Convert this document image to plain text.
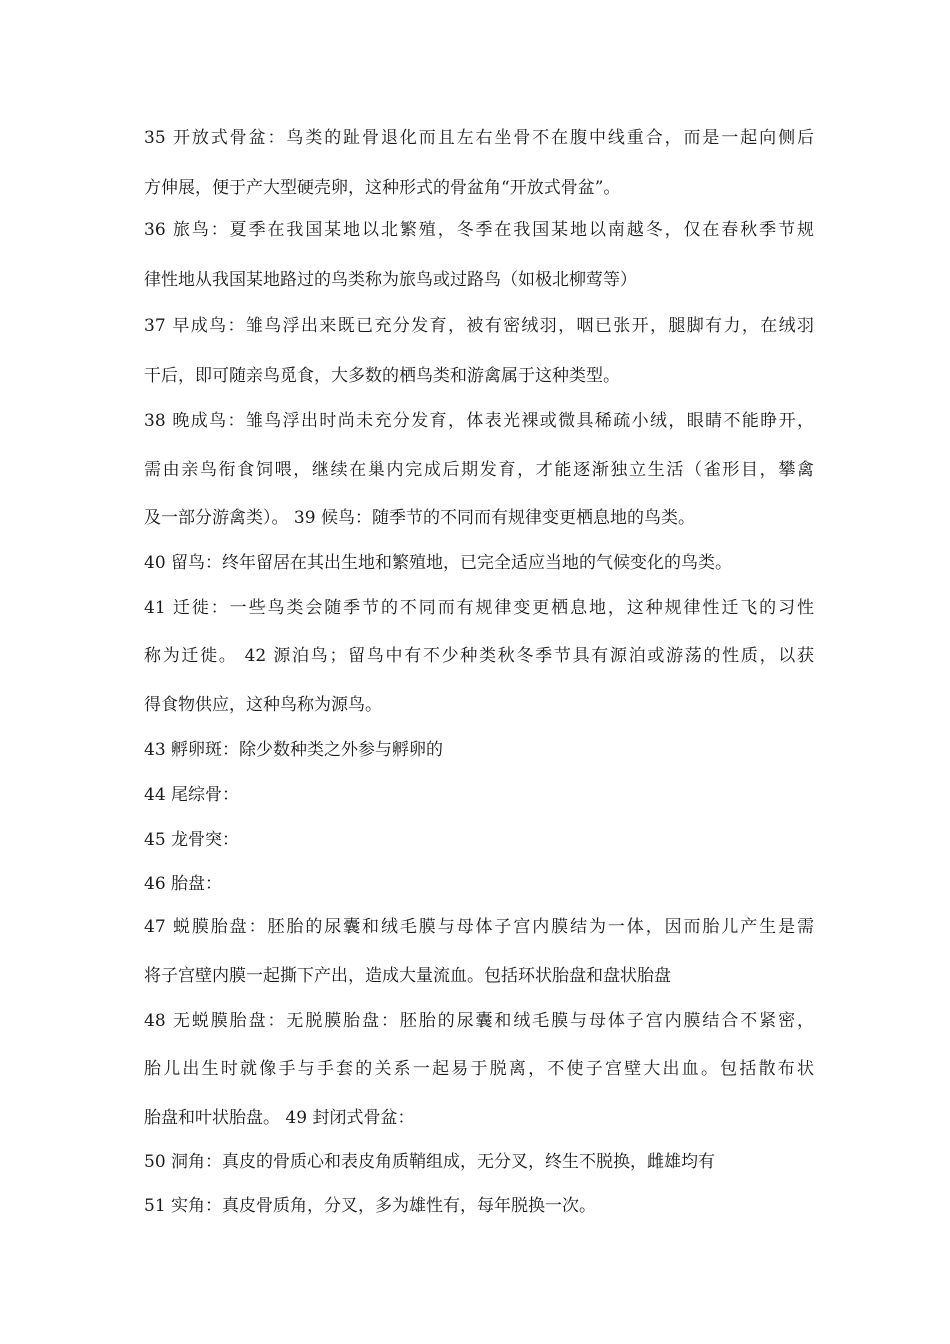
35 开放式骨盆：鸟类的趾骨退化而且左右坐骨不在腹中线重合，而是一起向侧后
方伸展，便于产大型硬壳卵，这种形式的骨盆角“开放式骨盆”。
36 旅鸟：夏季在我国某地以北繁殖，冬季在我国某地以南越冬，仅在春秋季节规
律性地从我国某地路过的鸟类称为旅鸟或过路鸟（如极北柳莺等）
37 早成鸟：雏鸟浮出来既已充分发育，被有密绒羽，咽已张开，腿脚有力，在绒羽
干后，即可随亲鸟觅食，大多数的栖鸟类和游禽属于这种类型。
38 晚成鸟：雏鸟浮出时尚未充分发育，体表光裸或微具稀疏小绒，眼睛不能睁开，
需由亲鸟衔食饲喂，继续在巢内完成后期发育，才能逐渐独立生活（雀形目，攀禽
及一部分游禽类）。 39 候鸟：随季节的不同而有规律变更栖息地的鸟类。
40 留鸟：终年留居在其出生地和繁殖地，已完全适应当地的气候变化的鸟类。
41 迁徙：一些鸟类会随季节的不同而有规律变更栖息地，这种规律性迁飞的习性
称为迁徙。 42 源泊鸟；留鸟中有不少种类秋冬季节具有源泊或游荡的性质，以获
得食物供应，这种鸟称为源鸟。
43 孵卵斑：除少数种类之外参与孵卵的
44 尾综骨：
45 龙骨突：
46 胎盘：
47 蜕膜胎盘：胚胎的尿囊和绒毛膜与母体子宫内膜结为一体，因而胎儿产生是需
将子宫壁内膜一起撕下产出，造成大量流血。包括环状胎盘和盘状胎盘
48 无蜕膜胎盘：无脱膜胎盘：胚胎的尿囊和绒毛膜与母体子宫内膜结合不紧密，
胎儿出生时就像手与手套的关系一起易于脱离，不使子宫壁大出血。包括散布状
胎盘和叶状胎盘。 49 封闭式骨盆：
50 洞角：真皮的骨质心和表皮角质鞘组成，无分叉，终生不脱换，雌雄均有
51 实角：真皮骨质角，分叉，多为雄性有，每年脱换一次。
